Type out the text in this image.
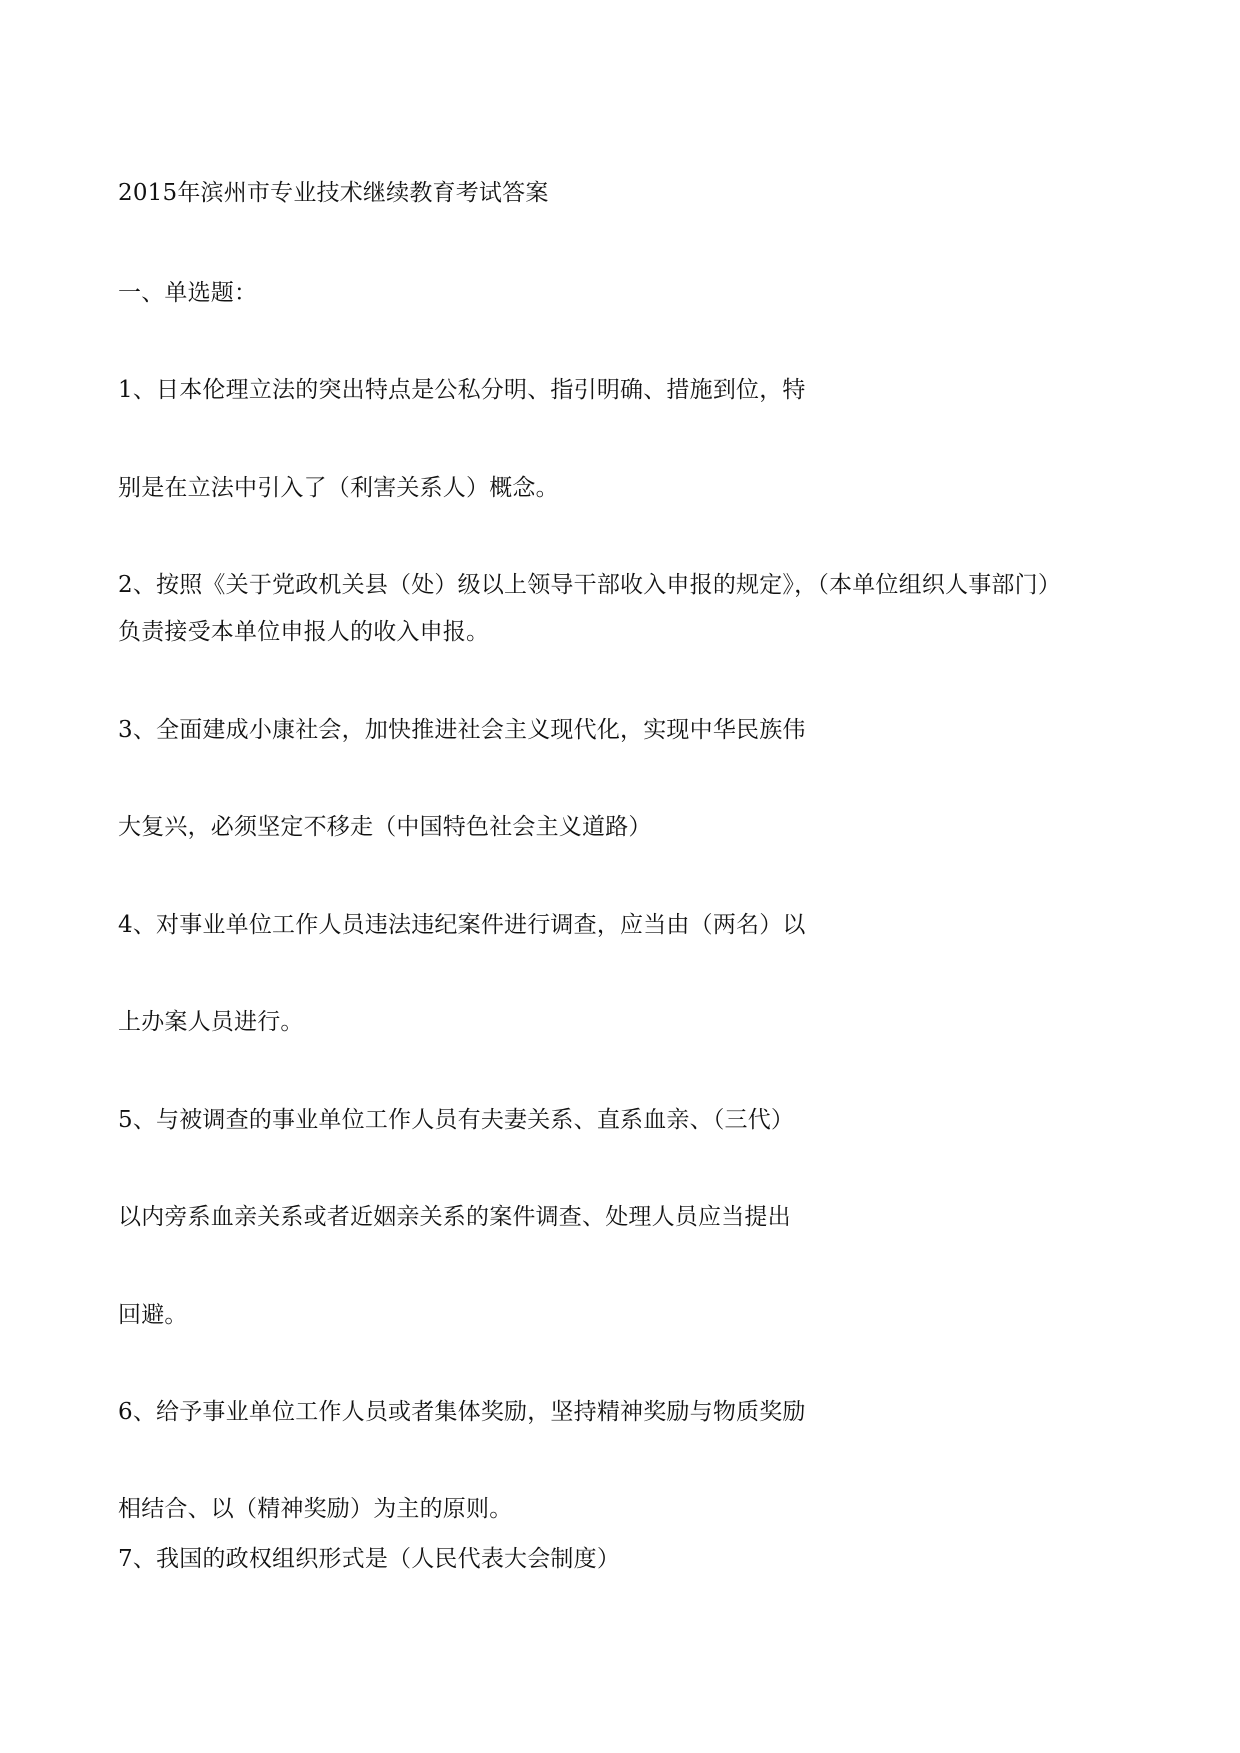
2015年滨州市专业技术继续教育考试答案

一、单选题：

1、日本伦理立法的突出特点是公私分明、指引明确、措施到位，特

别是在立法中引入了（利害关系人）概念。

2、按照《关于党政机关县（处）级以上领导干部收入申报的规定》，（本单位组织人事部门）

负责接受本单位申报人的收入申报。

3、全面建成小康社会，加快推进社会主义现代化，实现中华民族伟

大复兴，必须坚定不移走（中国特色社会主义道路）

4、对事业单位工作人员违法违纪案件进行调查，应当由（两名）以

上办案人员进行。

5、与被调查的事业单位工作人员有夫妻关系、直系血亲、（三代）

以内旁系血亲关系或者近姻亲关系的案件调查、处理人员应当提出

回避。

6、给予事业单位工作人员或者集体奖励，坚持精神奖励与物质奖励

相结合、以（精神奖励）为主的原则。

7、我国的政权组织形式是（人民代表大会制度）
